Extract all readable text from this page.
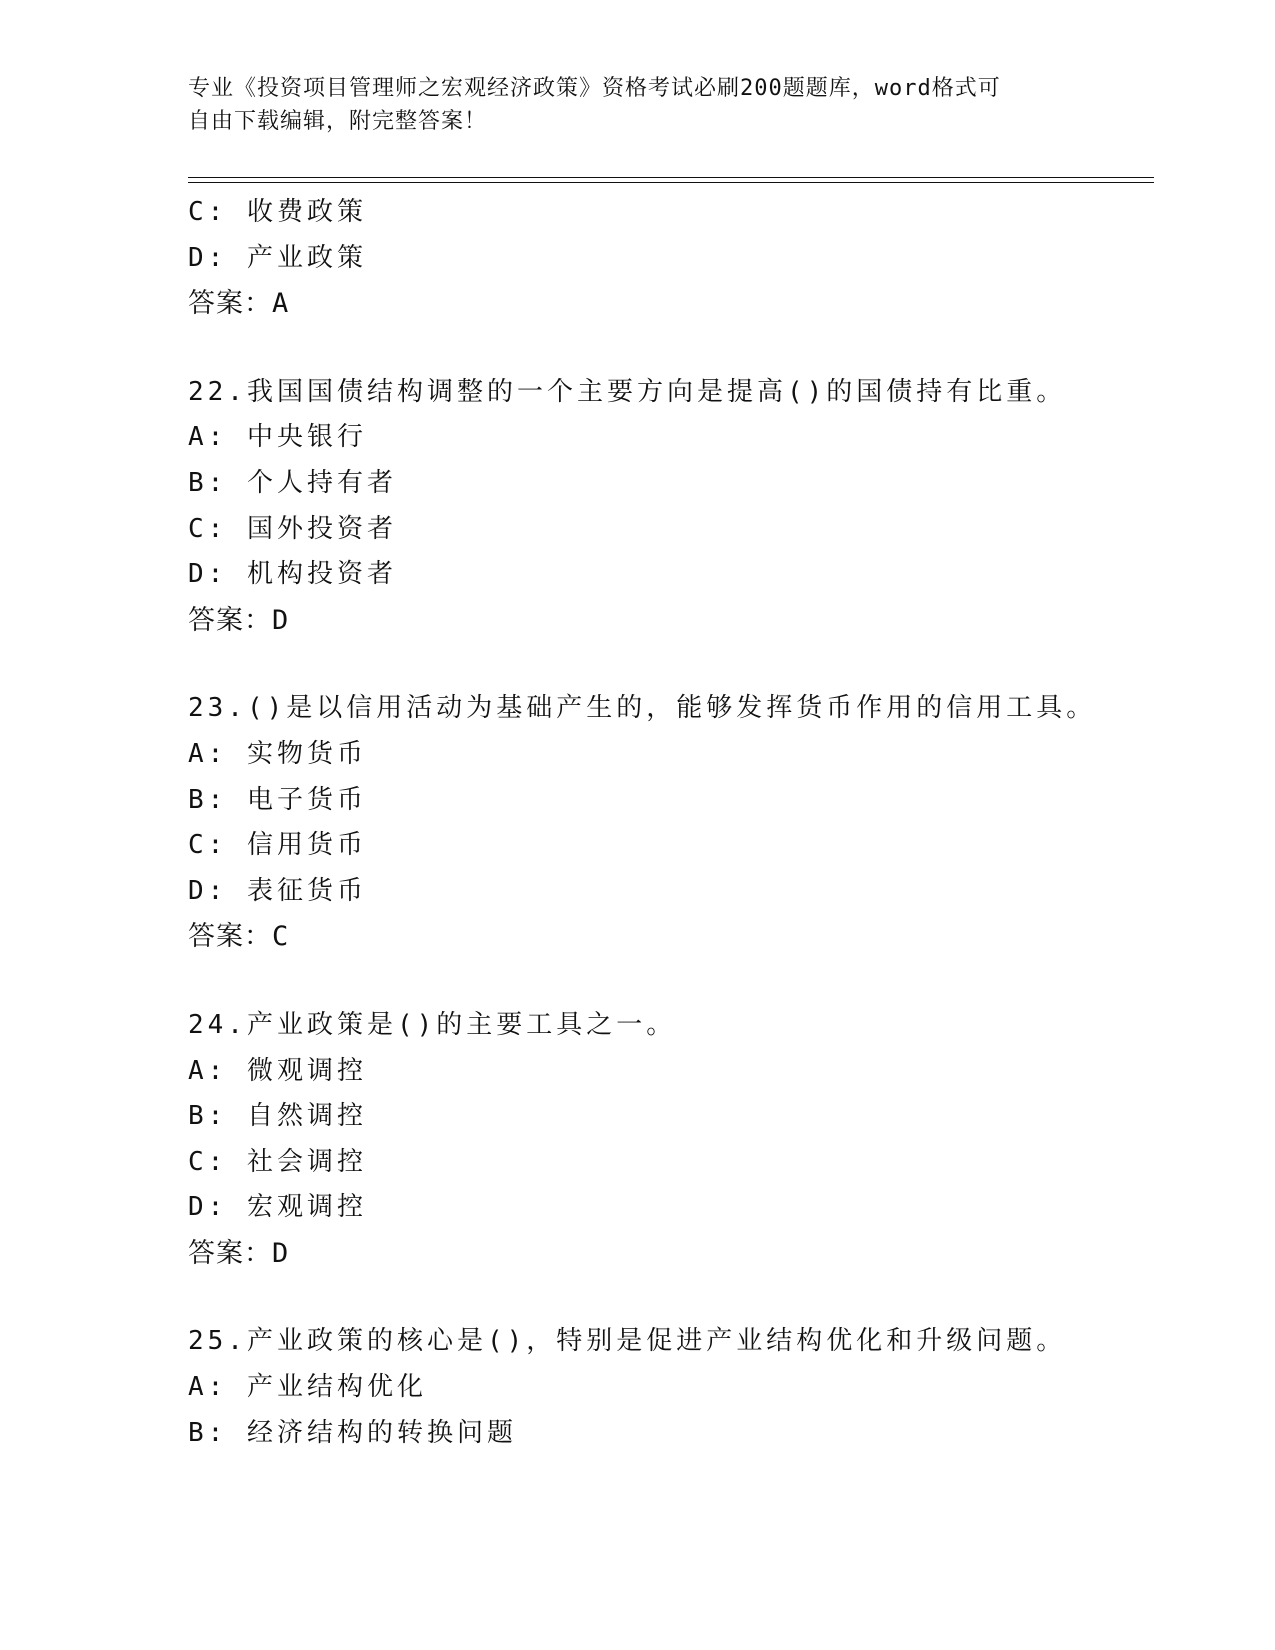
专业《投资项目管理师之宏观经济政策》资格考试必刷200题题库，word格式可
自由下载编辑，附完整答案！
C: 收费政策
D: 产业政策
答案：A
22.我国国债结构调整的一个主要方向是提高()的国债持有比重。
A: 中央银行
B: 个人持有者
C: 国外投资者
D: 机构投资者
答案：D
23.()是以信用活动为基础产生的，能够发挥货币作用的信用工具。
A: 实物货币
B: 电子货币
C: 信用货币
D: 表征货币
答案：C
24.产业政策是()的主要工具之一。
A: 微观调控
B: 自然调控
C: 社会调控
D: 宏观调控
答案：D
25.产业政策的核心是()，特别是促进产业结构优化和升级问题。
A: 产业结构优化
B: 经济结构的转换问题
